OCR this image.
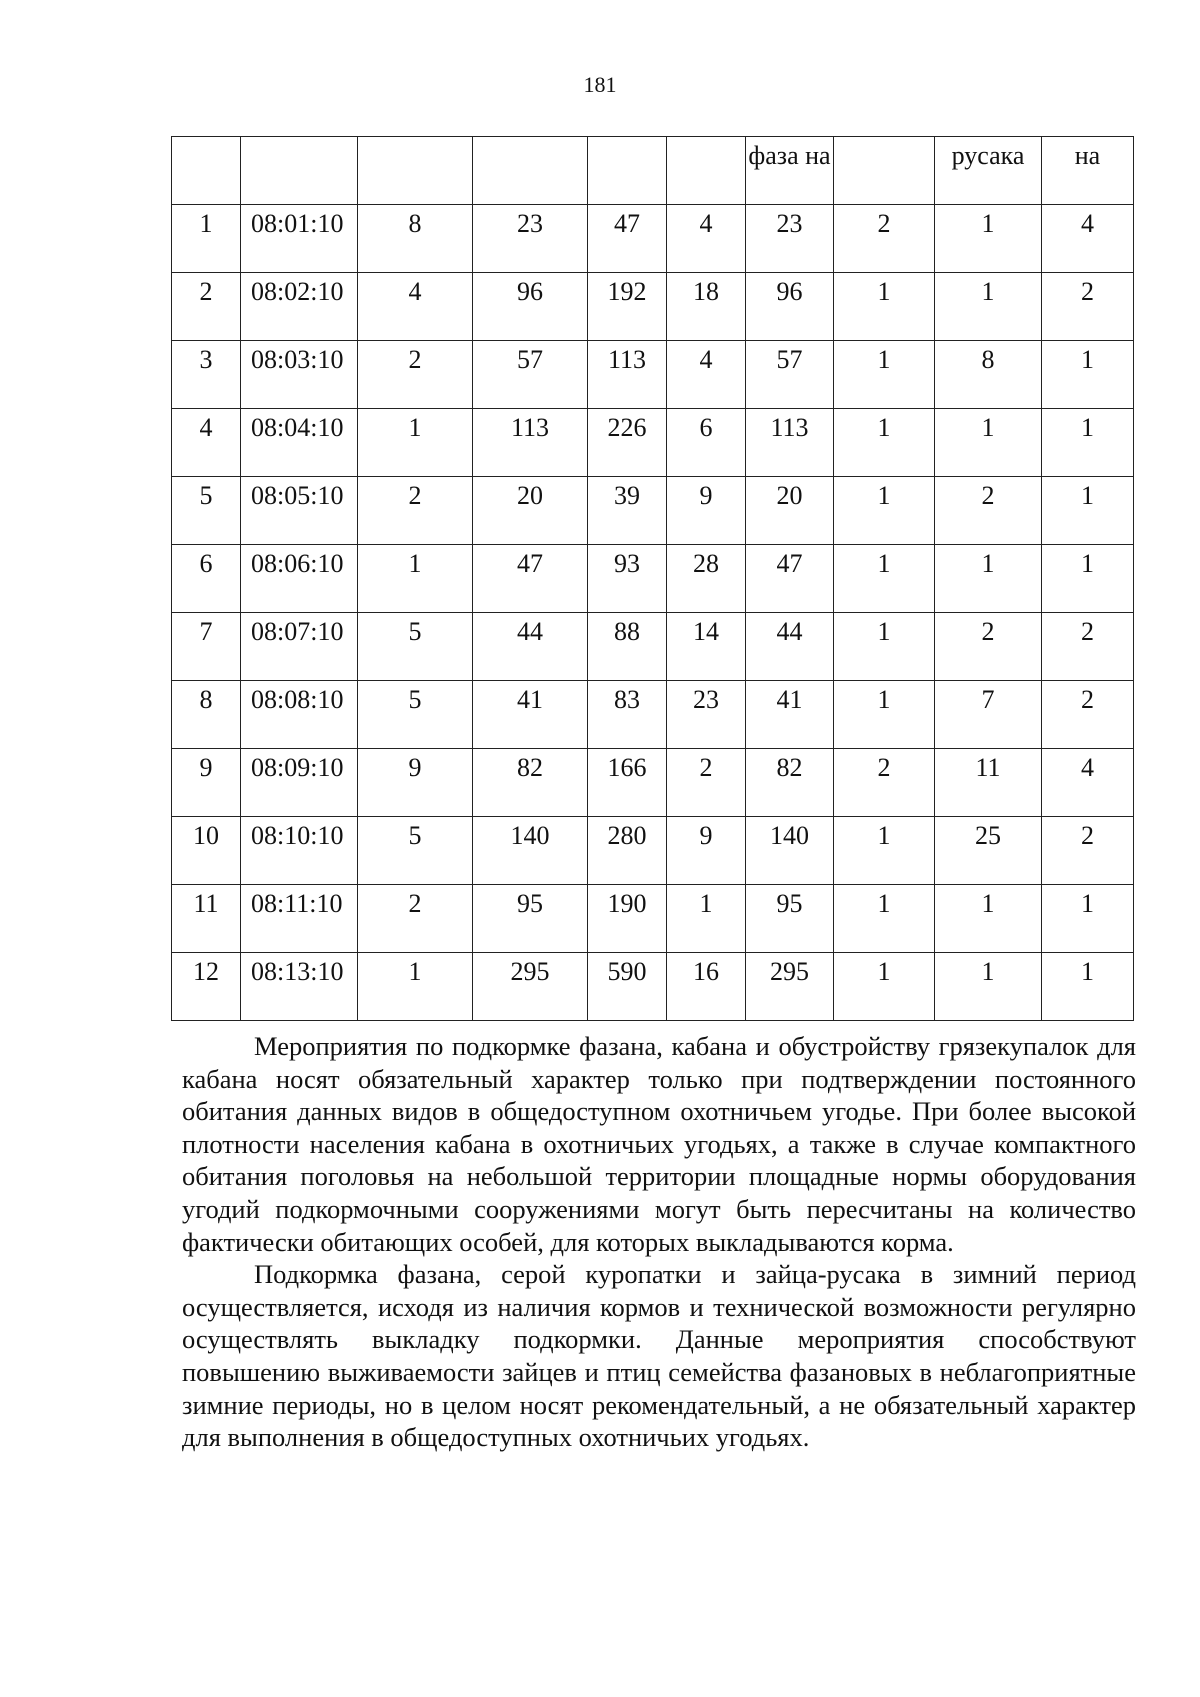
181
						фаза на		русака	на
1	08:01:10	8	23	47	4	23	2	1	4
2	08:02:10	4	96	192	18	96	1	1	2
3	08:03:10	2	57	113	4	57	1	8	1
4	08:04:10	1	113	226	6	113	1	1	1
5	08:05:10	2	20	39	9	20	1	2	1
6	08:06:10	1	47	93	28	47	1	1	1
7	08:07:10	5	44	88	14	44	1	2	2
8	08:08:10	5	41	83	23	41	1	7	2
9	08:09:10	9	82	166	2	82	2	11	4
10	08:10:10	5	140	280	9	140	1	25	2
11	08:11:10	2	95	190	1	95	1	1	1
12	08:13:10	1	295	590	16	295	1	1	1

Мероприятия по подкормке фазана, кабана и обустройству грязекупалок для кабана носят обязательный характер только при подтверждении постоянного обитания данных видов в общедоступном охотничьем угодье. При более высокой плотности населения кабана в охотничьих угодьях, а также в случае компактного обитания поголовья на небольшой территории площадные нормы оборудования угодий подкормочными сооружениями могут быть пересчитаны на количество фактически обитающих особей, для которых выкладываются корма.

Подкормка фазана, серой куропатки и зайца-русака в зимний период осуществляется, исходя из наличия кормов и технической возможности регулярно осуществлять выкладку подкормки. Данные мероприятия способствуют повышению выживаемости зайцев и птиц семейства фазановых в неблагоприятные зимние периоды, но в целом носят рекомендательный, а не обязательный характер для выполнения в общедоступных охотничьих угодьях.
